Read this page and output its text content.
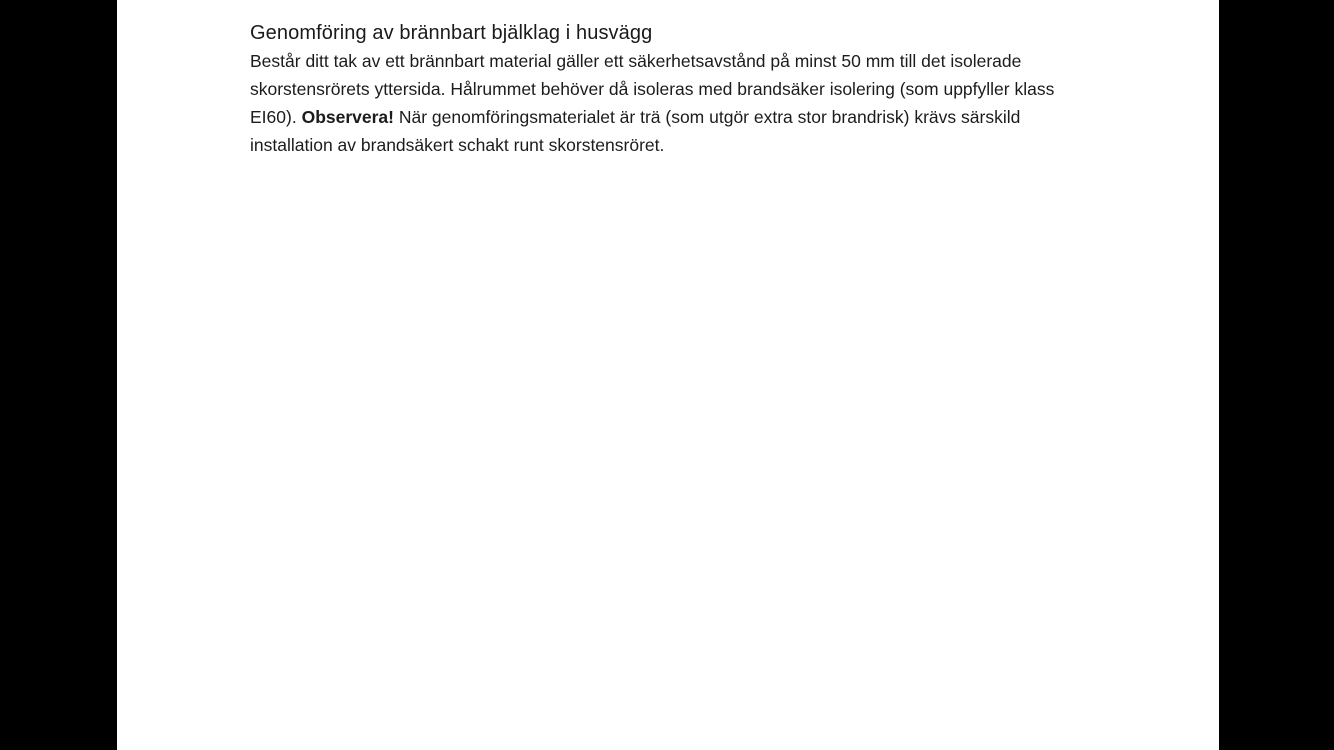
Genomföring av brännbart bjälklag i husvägg

Består ditt tak av ett brännbart material gäller ett säkerhetsavstånd på minst 50 mm till det isolerade skorstensrörets yttersida. Hålrummet behöver då isoleras med brandsäker isolering (som uppfyller klass EI60). Observera! När genomföringsmaterialet är trä (som utgör extra stor brandrisk) krävs särskild installation av brandsäkert schakt runt skorstensröret.
